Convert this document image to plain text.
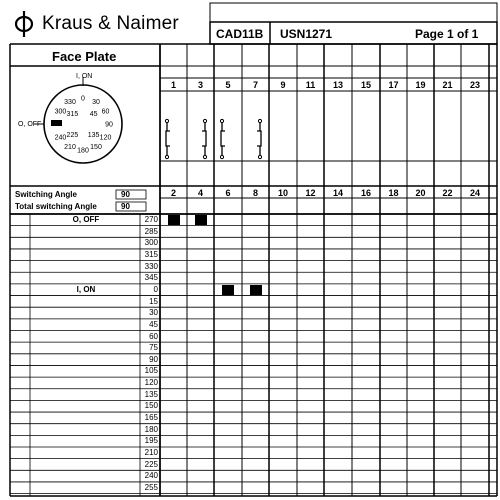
Kraus & Naimer	CAD11B USN1271	Page 1 of 1
Face Plate
0 30
60
90
120
150
180
210
240
300
330
315 45
225 135
I, ON
O, OFF
Switching Angle	90
Total switching Angle	90
1	3	5	7	9	11	13	15	17	19	21	23
2	4	6	8	10	12	14	16	18	20	22	24
O, OFF	270
285
300
315
330
345
I, ON	0
15
30
45
60
75
90
105
120
135
150
165
180
195
210
225
240
255
